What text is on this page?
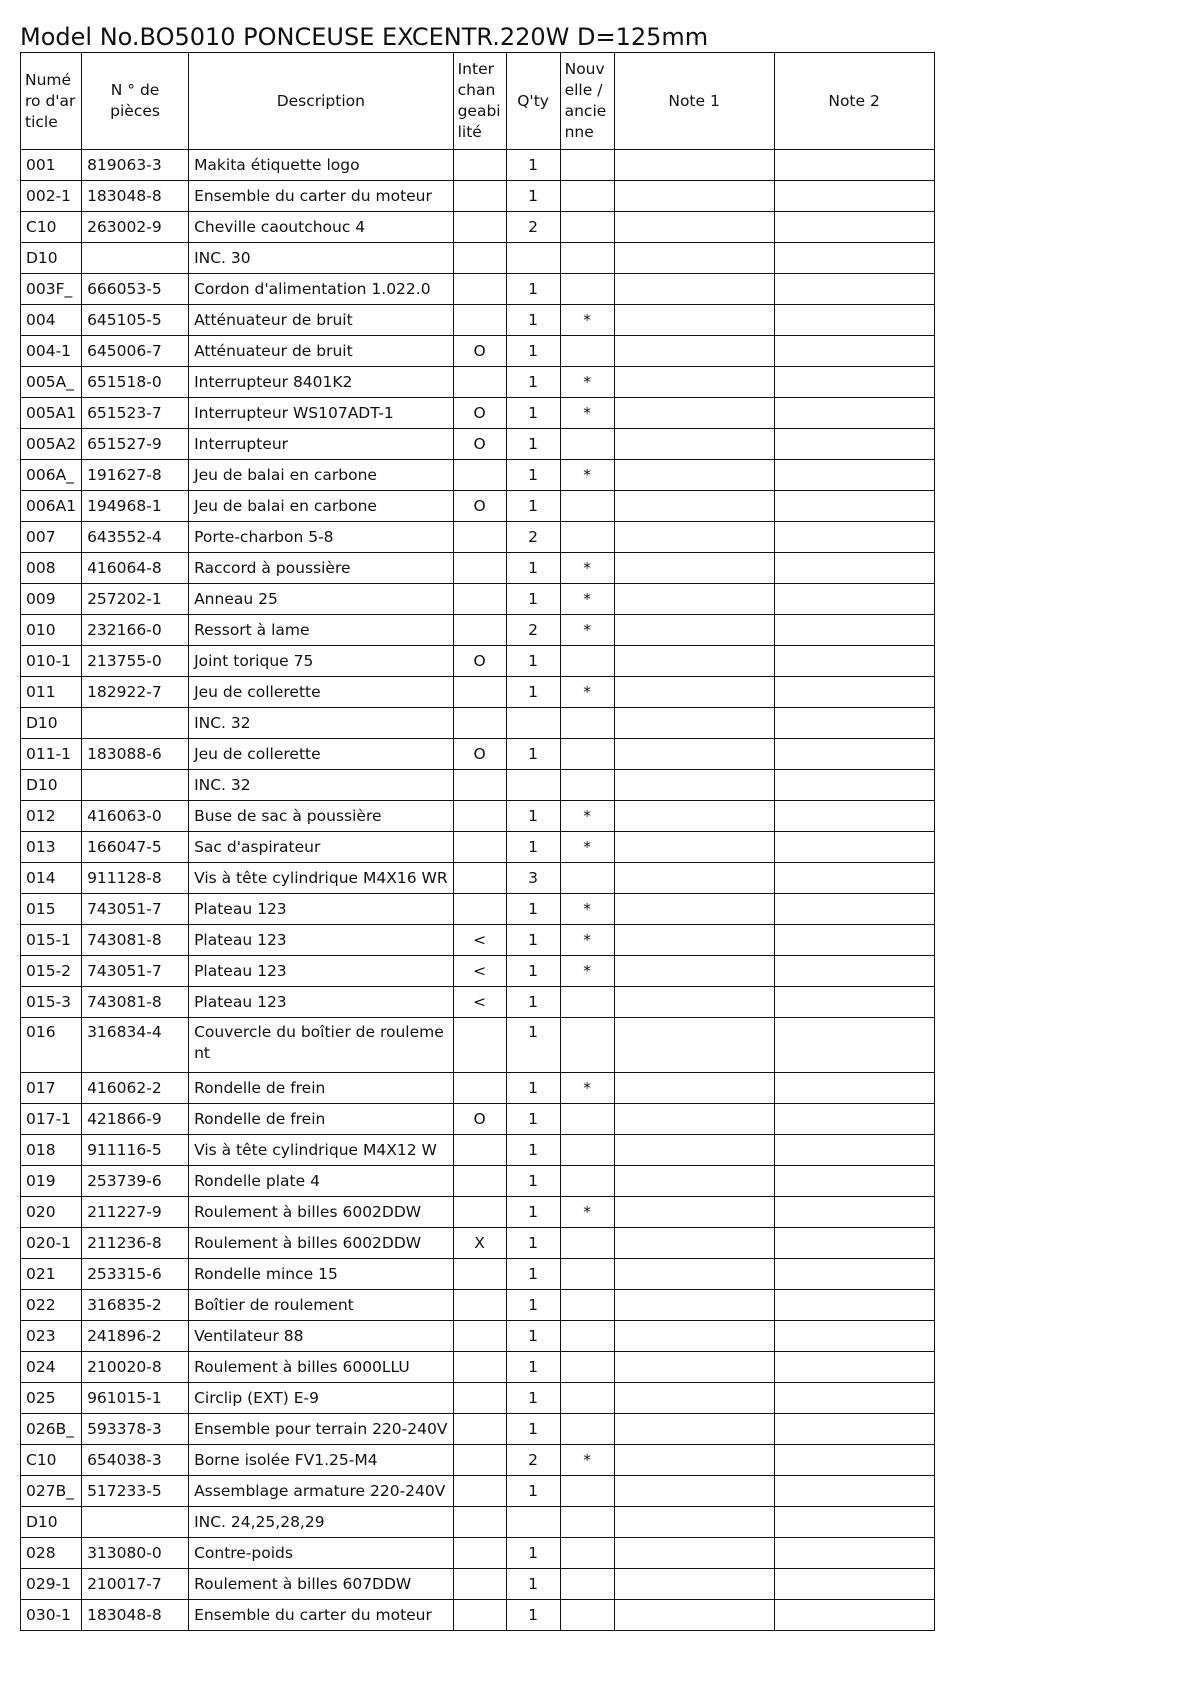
Model No.BO5010 PONCEUSE EXCENTR.220W D=125mm
Numéro d'article	N ° de pièces	Description	Interchangeabilité	Q'ty	Nouvelle / ancienne	Note 1	Note 2
001	819063-3	Makita étiquette logo		1			
002-1	183048-8	Ensemble du carter du moteur		1			
C10	263002-9	Cheville caoutchouc 4		2			
D10		INC. 30					
003F_	666053-5	Cordon d'alimentation 1.022.0		1			
004	645105-5	Atténuateur de bruit		1	*		
004-1	645006-7	Atténuateur de bruit	O	1			
005A_	651518-0	Interrupteur 8401K2		1	*		
005A1	651523-7	Interrupteur WS107ADT-1	O	1	*		
005A2	651527-9	Interrupteur	O	1			
006A_	191627-8	Jeu de balai en carbone		1	*		
006A1	194968-1	Jeu de balai en carbone	O	1			
007	643552-4	Porte-charbon 5-8		2			
008	416064-8	Raccord à poussière		1	*		
009	257202-1	Anneau 25		1	*		
010	232166-0	Ressort à lame		2	*		
010-1	213755-0	Joint torique 75	O	1			
011	182922-7	Jeu de collerette		1	*		
D10		INC. 32					
011-1	183088-6	Jeu de collerette	O	1			
D10		INC. 32					
012	416063-0	Buse de sac à poussière		1	*		
013	166047-5	Sac d'aspirateur		1	*		
014	911128-8	Vis à tête cylindrique M4X16 WR		3			
015	743051-7	Plateau 123		1	*		
015-1	743081-8	Plateau 123	<	1	*		
015-2	743051-7	Plateau 123	<	1	*		
015-3	743081-8	Plateau 123	<	1			
016	316834-4	Couvercle du boîtier de roulement		1			
017	416062-2	Rondelle de frein		1	*		
017-1	421866-9	Rondelle de frein	O	1			
018	911116-5	Vis à tête cylindrique M4X12 W		1			
019	253739-6	Rondelle plate 4		1			
020	211227-9	Roulement à billes 6002DDW		1	*		
020-1	211236-8	Roulement à billes 6002DDW	X	1			
021	253315-6	Rondelle mince 15		1			
022	316835-2	Boîtier de roulement		1			
023	241896-2	Ventilateur 88		1			
024	210020-8	Roulement à billes 6000LLU		1			
025	961015-1	Circlip (EXT) E-9		1			
026B_	593378-3	Ensemble pour terrain 220-240V		1			
C10	654038-3	Borne isolée FV1.25-M4		2	*		
027B_	517233-5	Assemblage armature 220-240V		1			
D10		INC. 24,25,28,29					
028	313080-0	Contre-poids		1			
029-1	210017-7	Roulement à billes 607DDW		1			
030-1	183048-8	Ensemble du carter du moteur		1			
